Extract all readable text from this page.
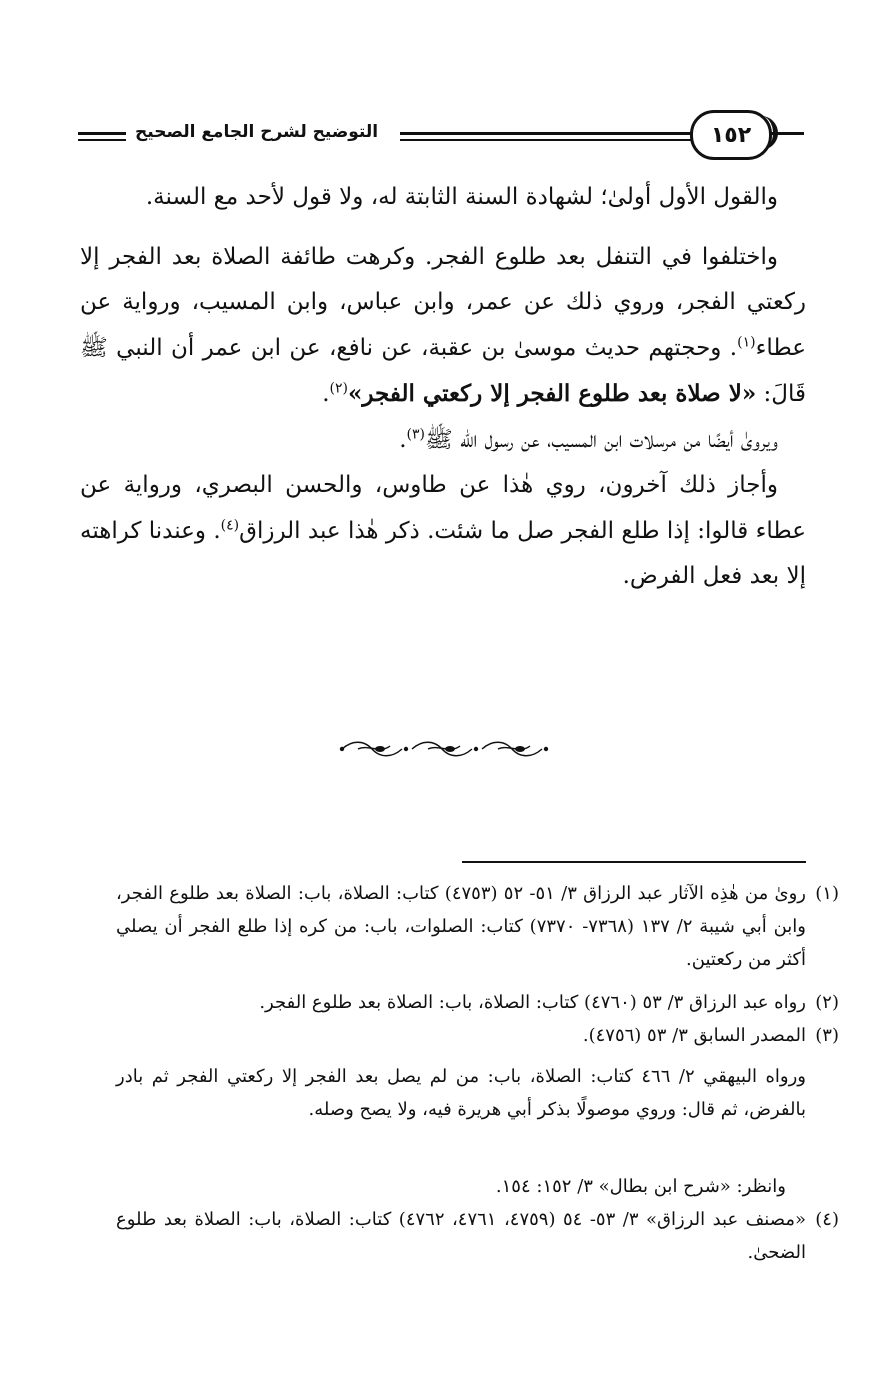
التوضيح لشرح الجامع الصحيح	١٥٢

والقول الأول أولىٰ؛ لشهادة السنة الثابتة له، ولا قول لأحد مع السنة.

واختلفوا في التنفل بعد طلوع الفجر. وكرهت طائفة الصلاة بعد الفجر إلا ركعتي الفجر، وروي ذلك عن عمر، وابن عباس، وابن المسيب، ورواية عن عطاء$^{(١)}$. وحجتهم حديث موسىٰ بن عقبة، عن نافع، عن ابن عمر أن النبي ﷺ قَالَ: «لا صلاة بعد طلوع الفجر إلا ركعتي الفجر»$^{(٢)}$.

ويروىٰ أيضًا من مرسلات ابن المسيب، عن رسول الله ﷺ$^{(٣)}$.

وأجاز ذلك آخرون، روي هٰذا عن طاوس، والحسن البصري، ورواية عن عطاء قالوا: إذا طلع الفجر صل ما شئت. ذكر هٰذا عبد الرزاق$^{(٤)}$. وعندنا كراهته إلا بعد فعل الفرض.

(١)
روىٰ من هٰذِه الآثار عبد الرزاق ٣/ ٥١- ٥٢ (٤٧٥٣) كتاب: الصلاة، باب: الصلاة بعد طلوع الفجر، وابن أبي شيبة ٢/ ١٣٧ (٧٣٦٨- ٧٣٧٠) كتاب: الصلوات، باب: من كره إذا طلع الفجر أن يصلي أكثر من ركعتين.
(٢)
رواه عبد الرزاق ٣/ ٥٣ (٤٧٦٠) كتاب: الصلاة، باب: الصلاة بعد طلوع الفجر.
(٣)
المصدر السابق ٣/ ٥٣ (٤٧٥٦).
ورواه البيهقي ٢/ ٤٦٦ كتاب: الصلاة، باب: من لم يصل بعد الفجر إلا ركعتي الفجر ثم بادر بالفرض، ثم قال: وروي موصولًا بذكر أبي هريرة فيه، ولا يصح وصله.
وانظر: «شرح ابن بطال» ٣/ ١٥٢: ١٥٤.
(٤)
«مصنف عبد الرزاق» ٣/ ٥٣- ٥٤ (٤٧٥٩، ٤٧٦١، ٤٧٦٢) كتاب: الصلاة، باب: الصلاة بعد طلوع الضحىٰ.
